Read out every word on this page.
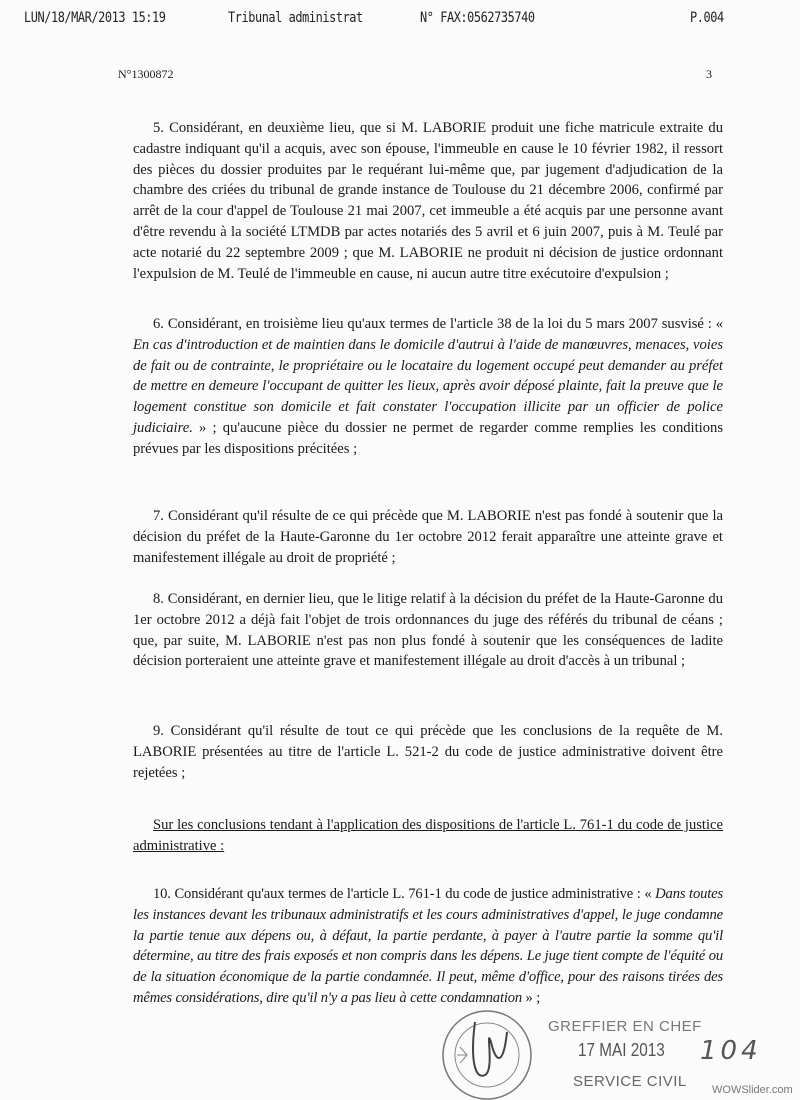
LUN/18/MAR/2013 15:19	Tribunal administrat	N° FAX:0562735740	P.004
N°1300872	3
5. Considérant, en deuxième lieu, que si M. LABORIE produit une fiche matricule extraite du cadastre indiquant qu'il a acquis, avec son épouse, l'immeuble en cause le 10 février 1982, il ressort des pièces du dossier produites par le requérant lui-même que, par jugement d'adjudication de la chambre des criées du tribunal de grande instance de Toulouse du 21 décembre 2006, confirmé par arrêt de la cour d'appel de Toulouse 21 mai 2007, cet immeuble a été acquis par une personne avant d'être revendu à la société LTMDB par actes notariés des 5 avril et 6 juin 2007, puis à M. Teulé par acte notarié du 22 septembre 2009 ; que M. LABORIE ne produit ni décision de justice ordonnant l'expulsion de M. Teulé de l'immeuble en cause, ni aucun autre titre exécutoire d'expulsion ;
6. Considérant, en troisième lieu qu'aux termes de l'article 38 de la loi du 5 mars 2007 susvisé : « En cas d'introduction et de maintien dans le domicile d'autrui à l'aide de manœuvres, menaces, voies de fait ou de contrainte, le propriétaire ou le locataire du logement occupé peut demander au préfet de mettre en demeure l'occupant de quitter les lieux, après avoir déposé plainte, fait la preuve que le logement constitue son domicile et fait constater l'occupation illicite par un officier de police judiciaire. » ; qu'aucune pièce du dossier ne permet de regarder comme remplies les conditions prévues par les dispositions précitées ;
7. Considérant qu'il résulte de ce qui précède que M. LABORIE n'est pas fondé à soutenir que la décision du préfet de la Haute-Garonne du 1er octobre 2012 ferait apparaître une atteinte grave et manifestement illégale au droit de propriété ;
8. Considérant, en dernier lieu, que le litige relatif à la décision du préfet de la Haute-Garonne du 1er octobre 2012 a déjà fait l'objet de trois ordonnances du juge des référés du tribunal de céans ; que, par suite, M. LABORIE n'est pas non plus fondé à soutenir que les conséquences de ladite décision porteraient une atteinte grave et manifestement illégale au droit d'accès à un tribunal ;
9. Considérant qu'il résulte de tout ce qui précède que les conclusions de la requête de M. LABORIE présentées au titre de l'article L. 521-2 du code de justice administrative doivent être rejetées ;
Sur les conclusions tendant à l'application des dispositions de l'article L. 761-1 du code de justice administrative :
10. Considérant qu'aux termes de l'article L. 761-1 du code de justice administrative : « Dans toutes les instances devant les tribunaux administratifs et les cours administratives d'appel, le juge condamne la partie tenue aux dépens ou, à défaut, la partie perdante, à payer à l'autre partie la somme qu'il détermine, au titre des frais exposés et non compris dans les dépens. Le juge tient compte de l'équité ou de la situation économique de la partie condamnée. Il peut, même d'office, pour des raisons tirées des mêmes considérations, dire qu'il n'y a pas lieu à cette condamnation » ;
GREFFIER EN CHEF
17 MAI 2013 104
SERVICE CIVIL WOWSlider.com
